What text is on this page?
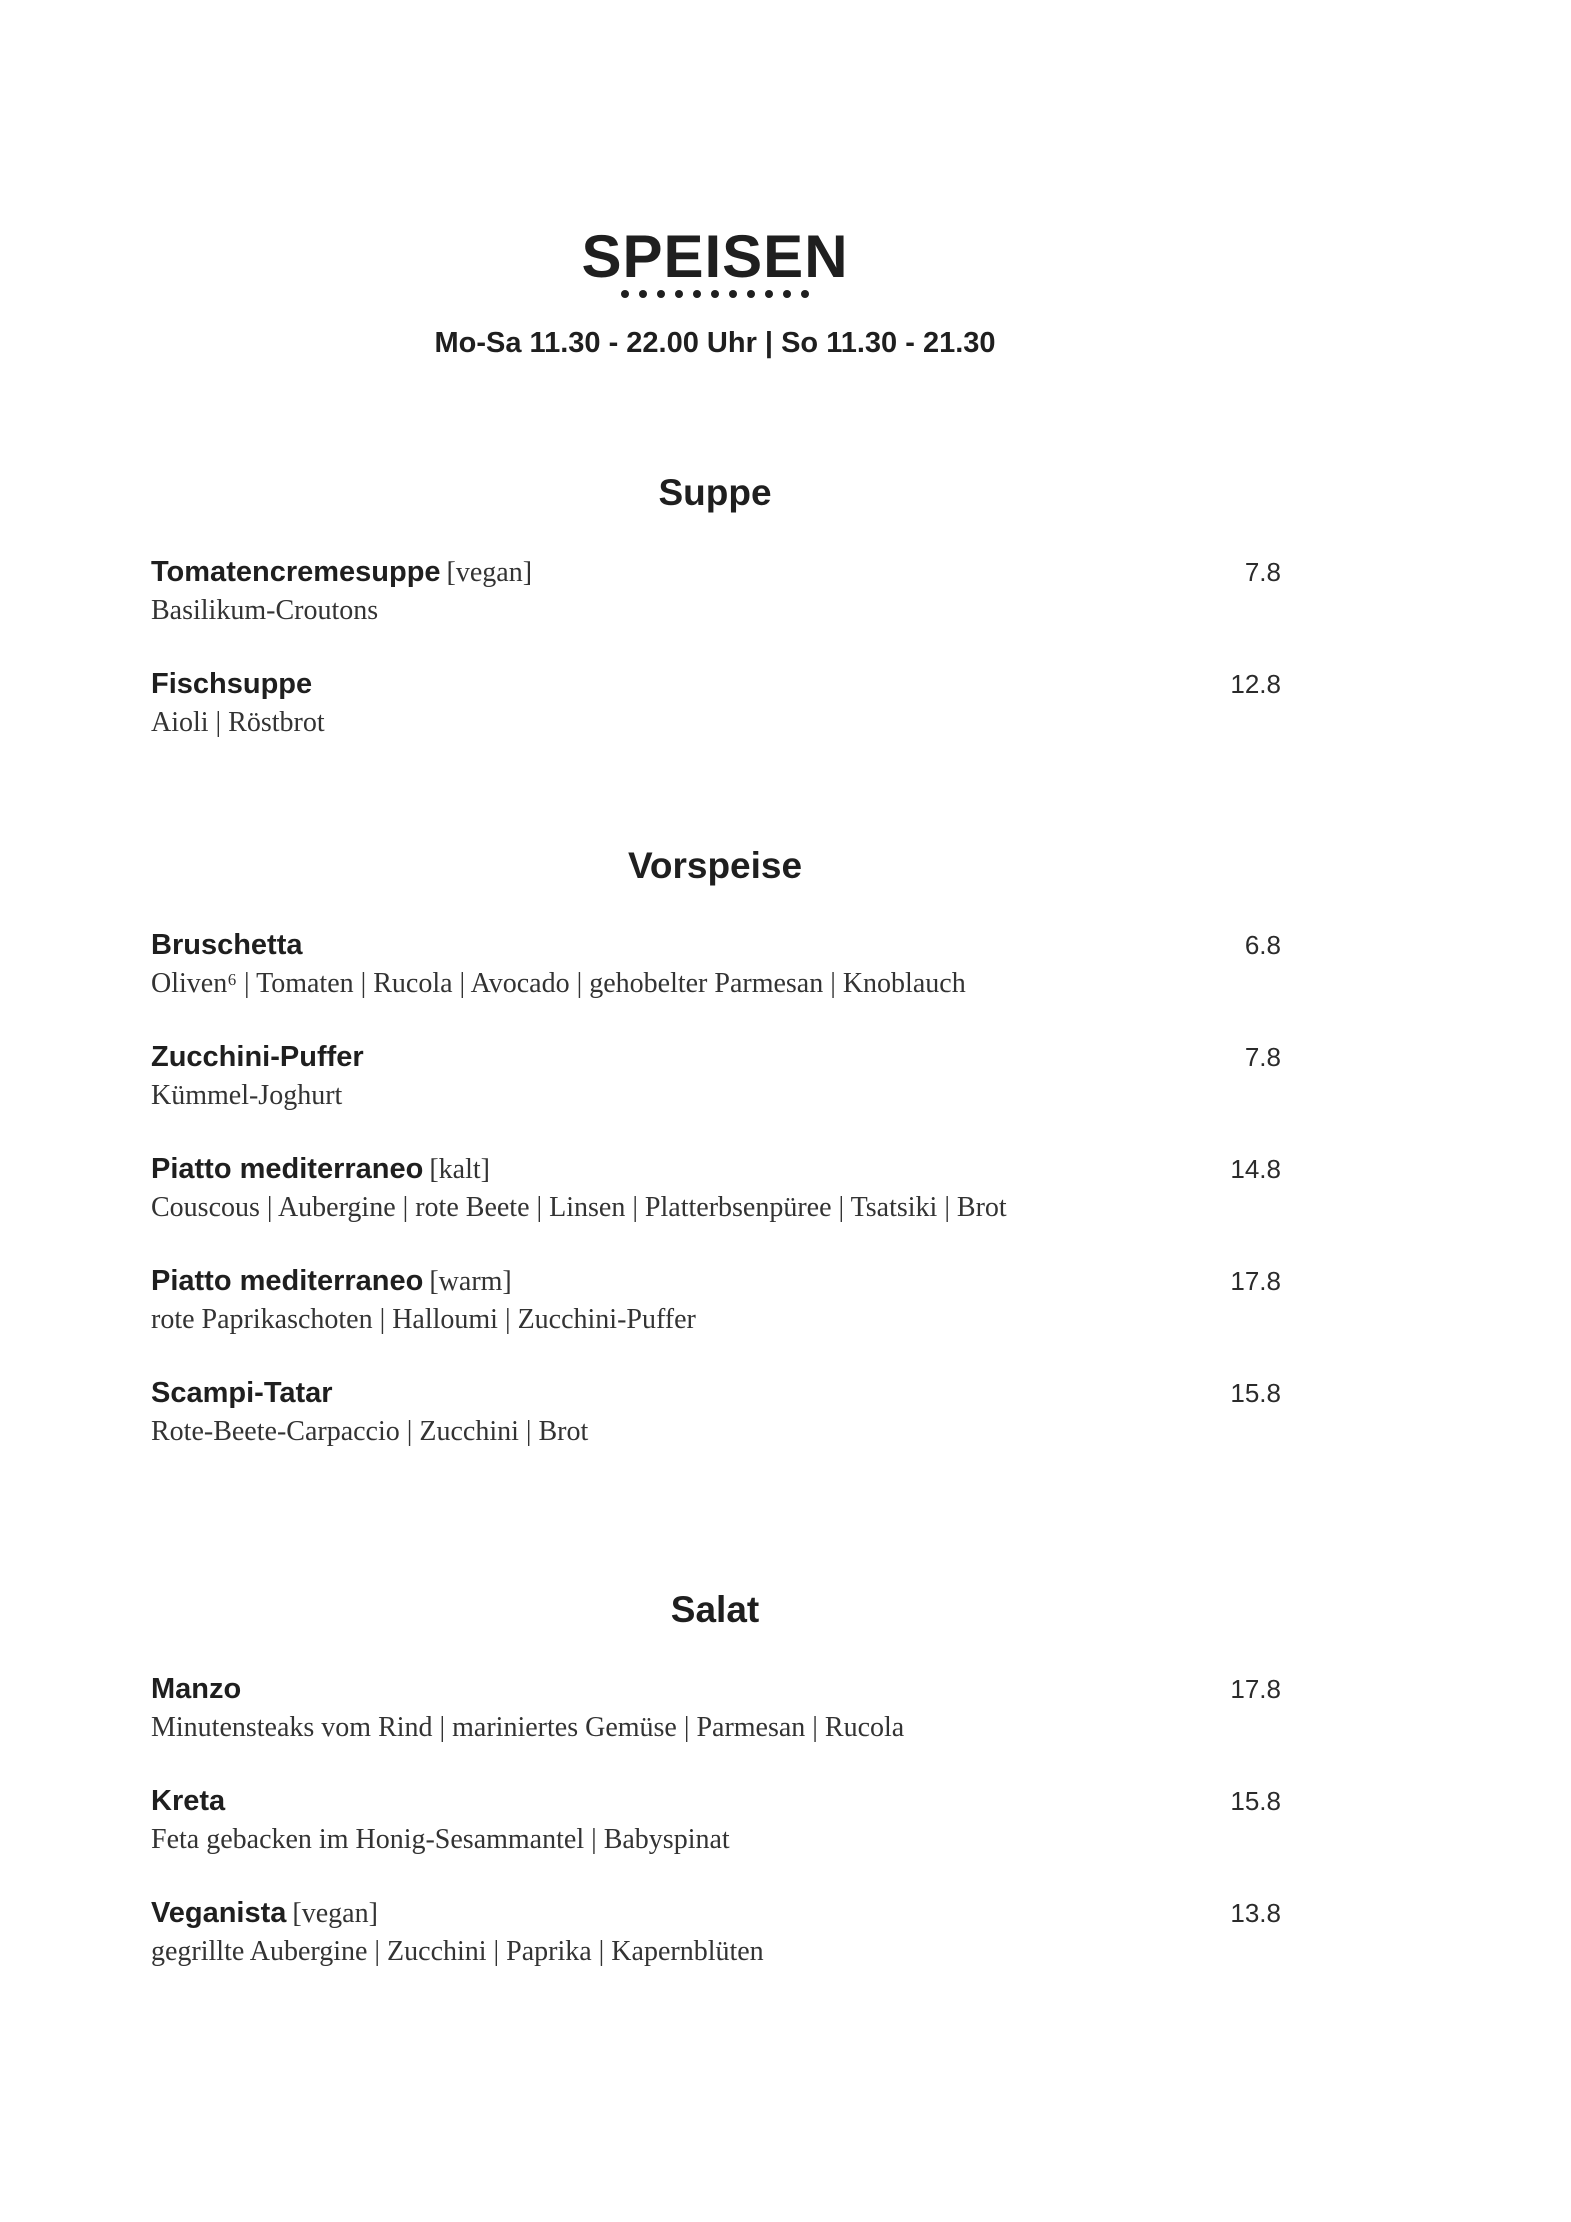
SPEISEN
Mo-Sa 11.30 - 22.00 Uhr | So 11.30 - 21.30
Suppe
Tomatencremesuppe [vegan]	7.8
Basilikum-Croutons
Fischsuppe	12.8
Aioli | Röstbrot
Vorspeise
Bruschetta	6.8
Oliven⁶ | Tomaten | Rucola | Avocado | gehobelter Parmesan | Knoblauch
Zucchini-Puffer	7.8
Kümmel-Joghurt
Piatto mediterraneo [kalt]	14.8
Couscous | Aubergine | rote Beete | Linsen | Platterbsenpüree | Tsatsiki | Brot
Piatto mediterraneo [warm]	17.8
rote Paprikaschoten | Halloumi | Zucchini-Puffer
Scampi-Tatar	15.8
Rote-Beete-Carpaccio | Zucchini | Brot
Salat
Manzo	17.8
Minutensteaks vom Rind | mariniertes Gemüse | Parmesan | Rucola
Kreta	15.8
Feta gebacken im Honig-Sesammantel | Babyspinat
Veganista [vegan]	13.8
gegrillte Aubergine | Zucchini | Paprika | Kapernblüten
